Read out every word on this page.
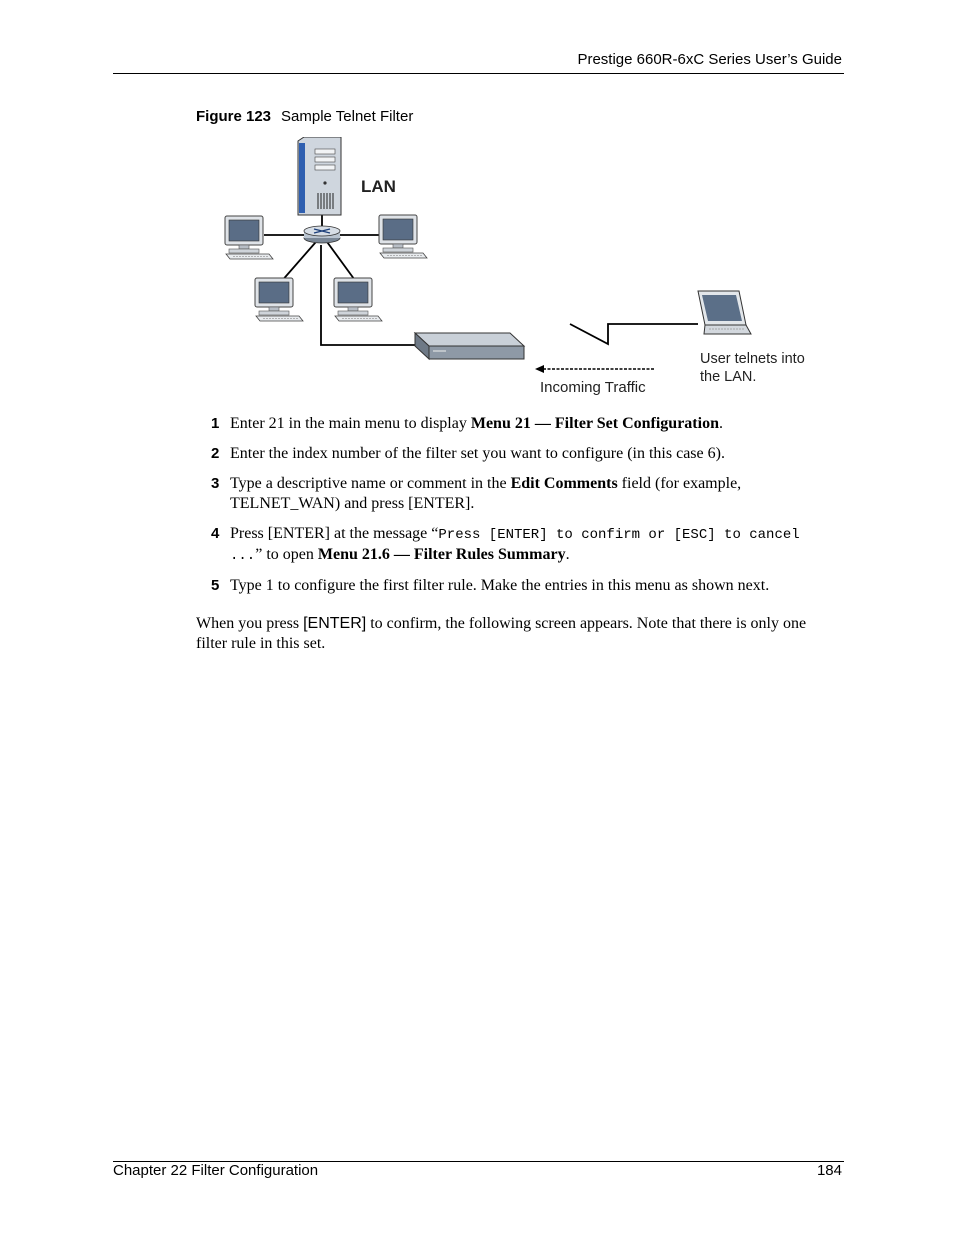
Prestige 660R-6xC Series User’s Guide
Figure 123 Sample Telnet Filter
LAN
Incoming Traffic
User telnets into
the LAN.
1 Enter 21 in the main menu to display Menu 21 — Filter Set Configuration.
2 Enter the index number of the filter set you want to configure (in this case 6).
3 Type a descriptive name or comment in the Edit Comments field (for example, TELNET_WAN) and press [ENTER].
4 Press [ENTER] at the message “Press [ENTER] to confirm or [ESC] to cancel ...” to open Menu 21.6 — Filter Rules Summary.
5 Type 1 to configure the first filter rule. Make the entries in this menu as shown next.
When you press [ENTER] to confirm, the following screen appears. Note that there is only one filter rule in this set.
Chapter 22 Filter Configuration	184
